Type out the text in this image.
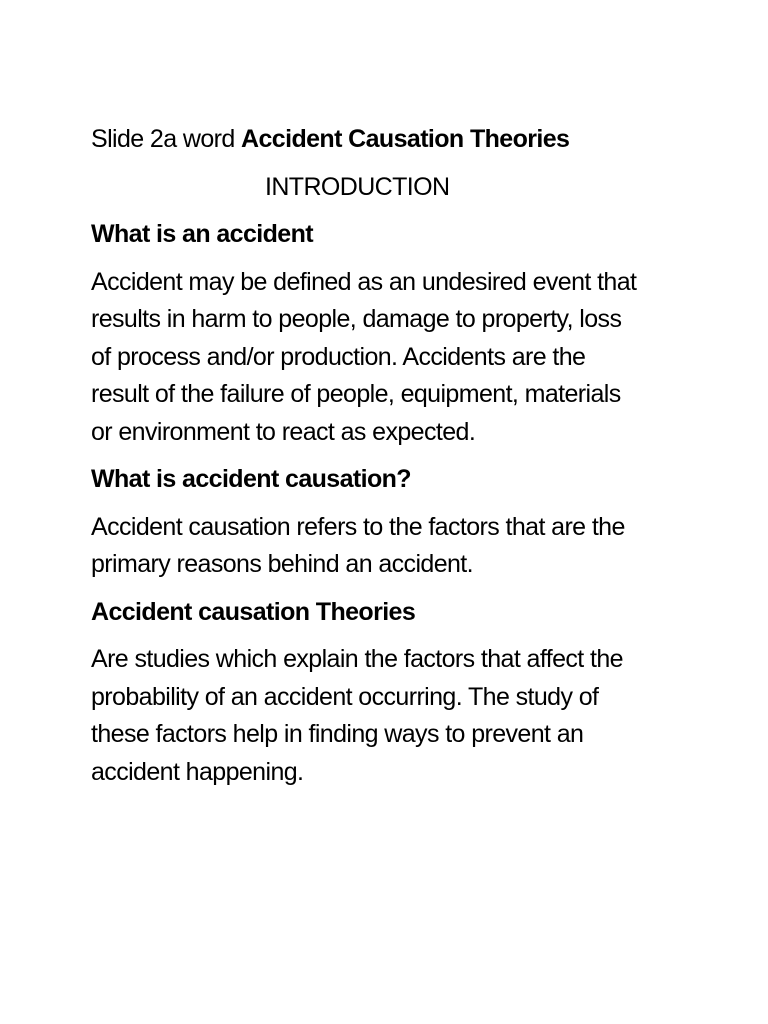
Slide 2a word Accident Causation Theories
INTRODUCTION
What is an accident
Accident may be defined as an undesired event that
results in harm to people, damage to property, loss
of process and/or production. Accidents are the
result of the failure of people, equipment, materials
or environment to react as expected.
What is accident causation?
Accident causation refers to the factors that are the
primary reasons behind an accident.
Accident causation Theories
Are studies which explain the factors that affect the
probability of an accident occurring. The study of
these factors help in finding ways to prevent an
accident happening.
